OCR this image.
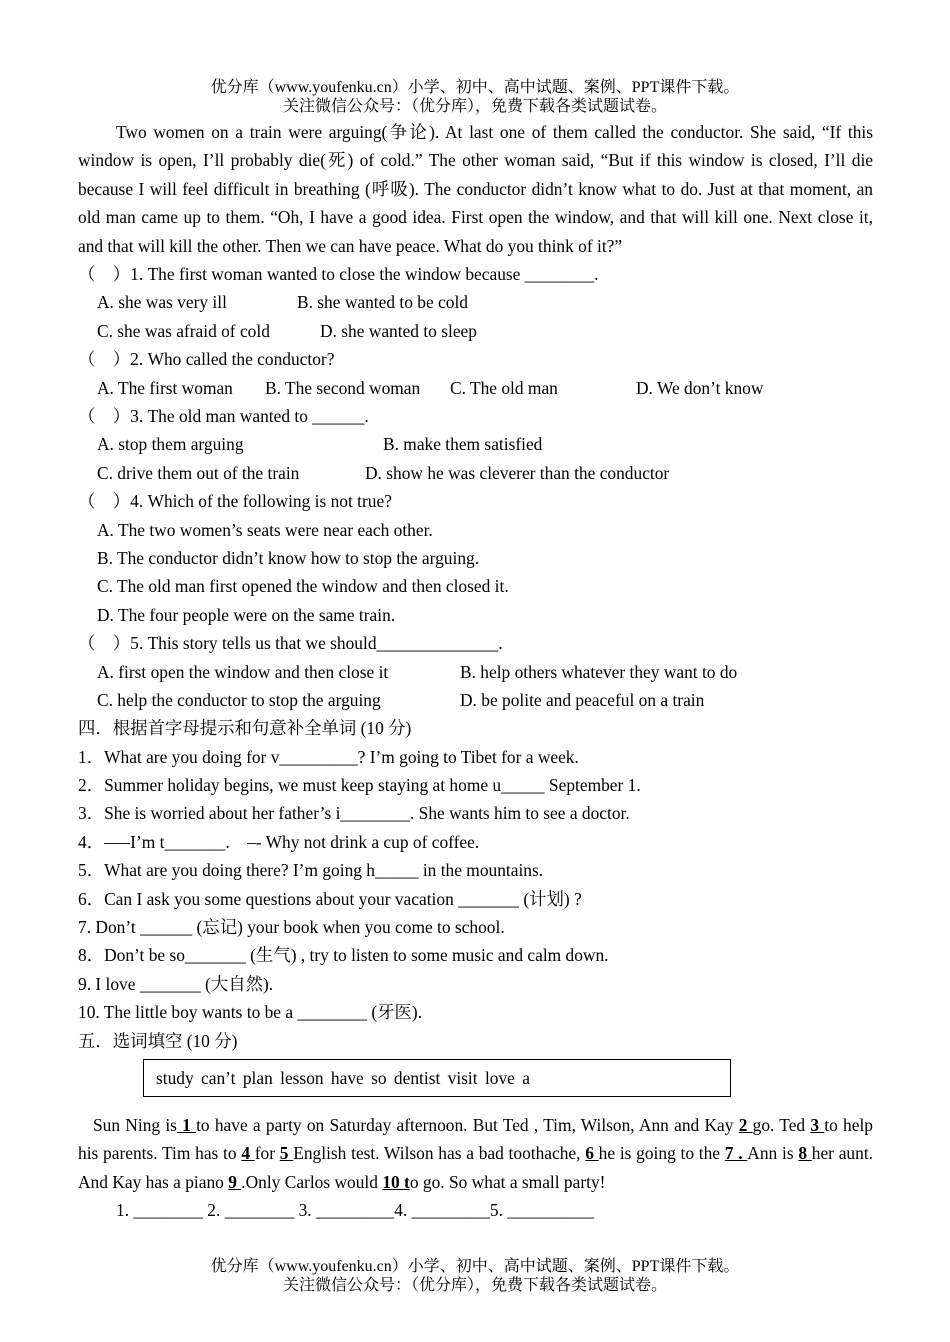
优分库（www.youfenku.cn）小学、初中、高中试题、案例、PPT课件下载。
关注微信公众号：（优分库），免费下载各类试题试卷。
Two women on a train were arguing(争论). At last one of them called the conductor. She said, “If this window is open, I’ll probably die(死) of cold.” The other woman said, “But if this window is closed, I’ll die because I will feel difficult in breathing (呼吸). The conductor didn’t know what to do. Just at that moment, an old man came up to them. “Oh, I have a good idea. First open the window, and that will kill one. Next close it, and that will kill the other. Then we can have peace. What do you think of it?”
（　）1. The first woman wanted to close the window because ________.
A. she was very ill	B. she wanted to be cold
C. she was afraid of cold	D. she wanted to sleep
（　）2. Who called the conductor?
A. The first woman B. The second woman C. The old man	D. We don’t know
（　）3. The old man wanted to ______.
A. stop them arguing	B. make them satisfied
C. drive them out of the train	D. show he was cleverer than the conductor
（　）4. Which of the following is not true?
A. The two women’s seats were near each other.
B. The conductor didn’t know how to stop the arguing.
C. The old man first opened the window and then closed it.
D. The four people were on the same train.
（　）5. This story tells us that we should______________.
A. first open the window and then close it	B. help others whatever they want to do
C. help the conductor to stop the arguing	D. be polite and peaceful on a train
四．根据首字母提示和句意补全单词 (10 分)
1．What are you doing for v_________? I’m going to Tibet for a week.
2．Summer holiday begins, we must keep staying at home u_____ September 1.
3．She is worried about her father’s i________. She wants him to see a doctor.
4．–––I’m t_______.　–- Why not drink a cup of coffee.
5．What are you doing there? I’m going h_____ in the mountains.
6．Can I ask you some questions about your vacation _______ (计划) ?
7. Don’t ______ (忘记) your book when you come to school.
8．Don’t be so_______ (生气) , try to listen to some music and calm down.
9. I love _______ (大自然).
10. The little boy wants to be a ________ (牙医).
五．选词填空 (10 分)
study can’t plan lesson have so dentist visit love a
Sun Ning is 1 to have a party on Saturday afternoon. But Ted , Tim, Wilson, Ann and Kay 2 go. Ted 3 to help his parents. Tim has to 4 for 5 English test. Wilson has a bad toothache, 6 he is going to the 7 . Ann is 8 her aunt. And Kay has a piano 9 .Only Carlos would 10 to go. So what a small party!
1. ________ 2. ________ 3. _________4. _________5. __________
优分库（www.youfenku.cn）小学、初中、高中试题、案例、PPT课件下载。
关注微信公众号：（优分库），免费下载各类试题试卷。
